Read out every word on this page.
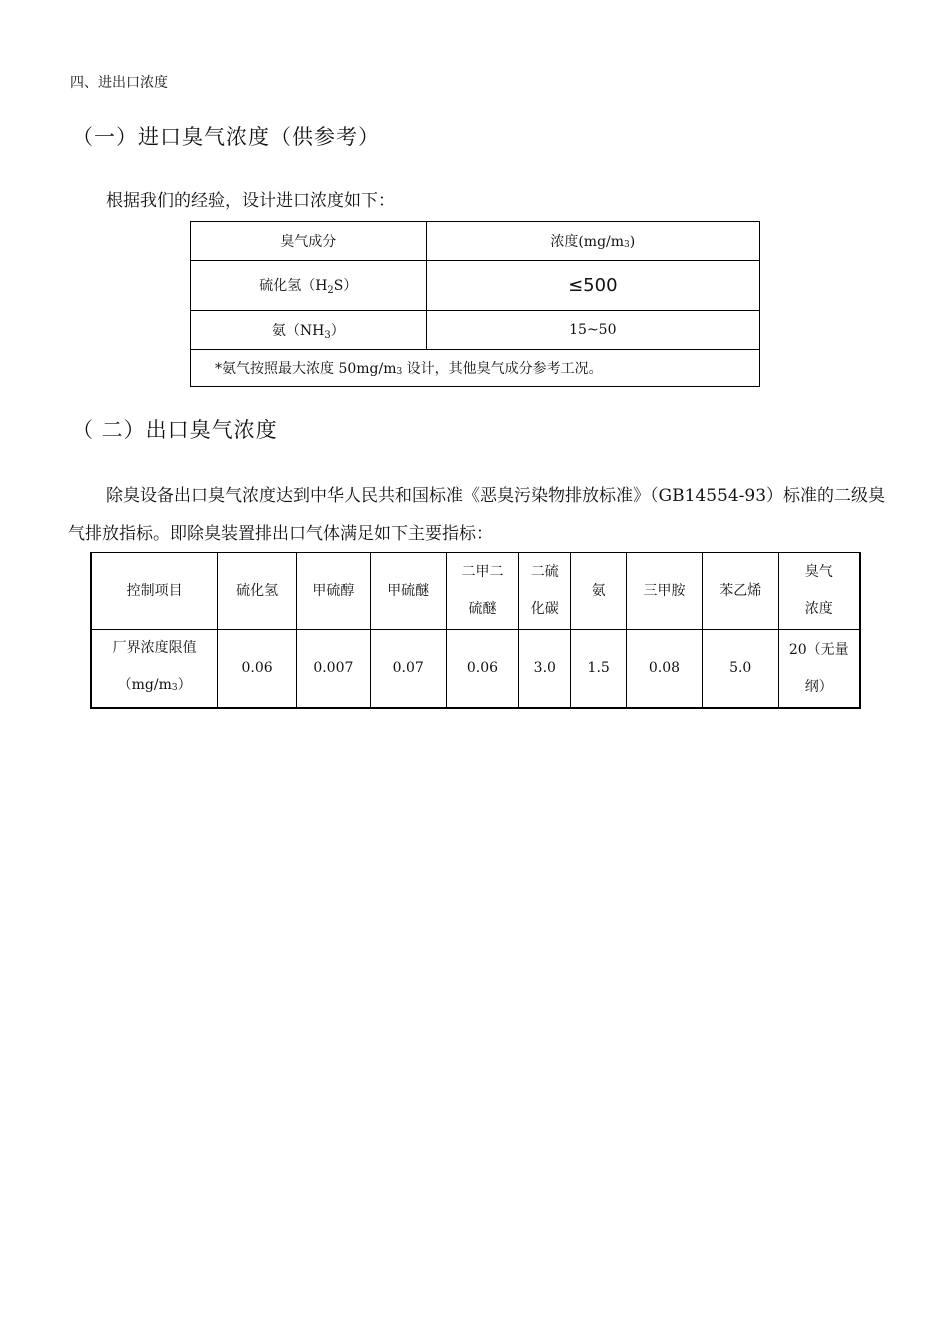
四、进出口浓度
（一）进口臭气浓度（供参考）
根据我们的经验，设计进口浓度如下：
臭气成分	浓度$(mg/m^3)$
硫化氢$(H_2S)$	≤500
氨$(NH_3)$	15~50
*氨气按照最大浓度 $50mg/m^3$ 设计，其他臭气成分参考工况。	
（ 二）出口臭气浓度
除臭设备出口臭气浓度达到中华人民共和国标准《恶臭污染物排放标准》（GB14554-93）标准的二级臭气排放指标。即除臭装置排出口气体满足如下主要指标：
控制项目	硫化氢	甲硫醇	甲硫醚	二甲二硫醚	二硫化碳	氨	三甲胺	苯乙烯	臭气浓度
厂界浓度限值
$(mg/m^3)$	0.06	0.007	0.07	0.06	3.0	1.5	0.08	5.0	20（无量纲）
